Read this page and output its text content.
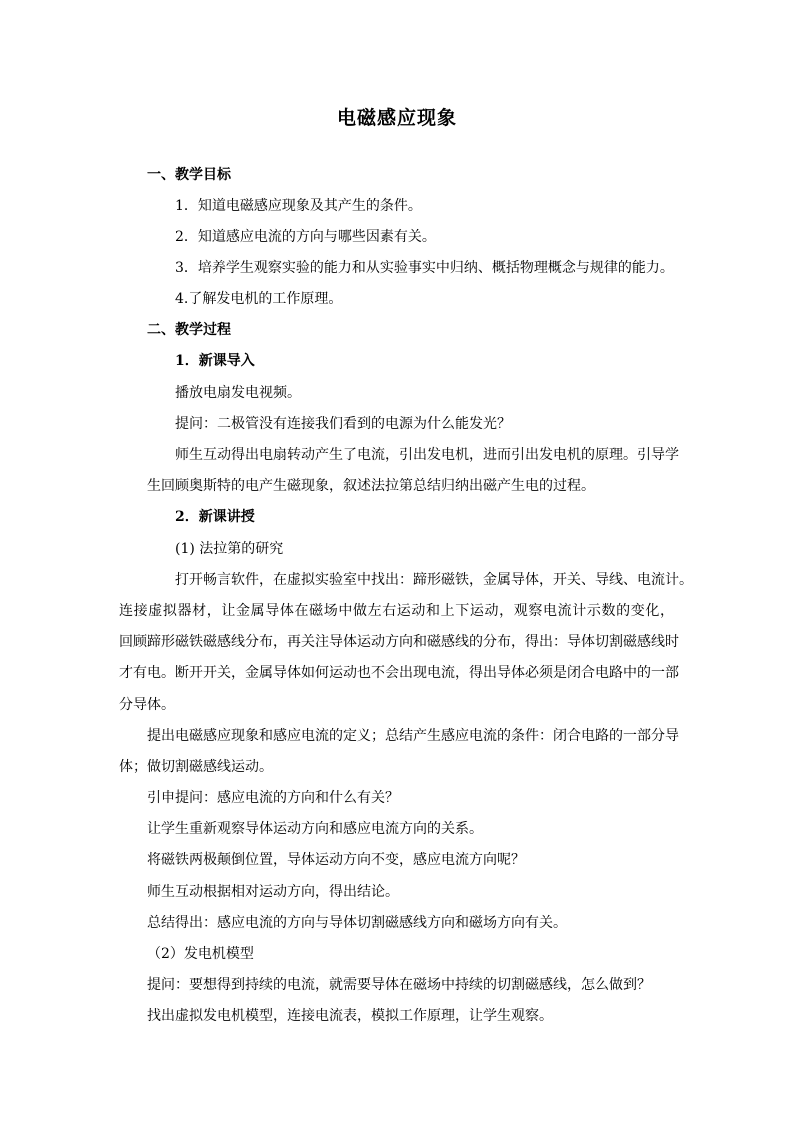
电磁感应现象
一、教学目标
1．知道电磁感应现象及其产生的条件。
2．知道感应电流的方向与哪些因素有关。
3．培养学生观察实验的能力和从实验事实中归纳、概括物理概念与规律的能力。
4.了解发电机的工作原理。
二、教学过程
1．新课导入
播放电扇发电视频。
提问：二极管没有连接我们看到的电源为什么能发光？
师生互动得出电扇转动产生了电流，引出发电机，进而引出发电机的原理。引导学
生回顾奥斯特的电产生磁现象，叙述法拉第总结归纳出磁产生电的过程。
2．新课讲授
(1) 法拉第的研究
打开畅言软件，在虚拟实验室中找出：蹄形磁铁，金属导体，开关、导线、电流计。
连接虚拟器材，让金属导体在磁场中做左右运动和上下运动，观察电流计示数的变化，
回顾蹄形磁铁磁感线分布，再关注导体运动方向和磁感线的分布，得出：导体切割磁感线时
才有电。断开开关，金属导体如何运动也不会出现电流，得出导体必须是闭合电路中的一部
分导体。
提出电磁感应现象和感应电流的定义；总结产生感应电流的条件：闭合电路的一部分导
体；做切割磁感线运动。
引申提问：感应电流的方向和什么有关？
让学生重新观察导体运动方向和感应电流方向的关系。
将磁铁两极颠倒位置，导体运动方向不变，感应电流方向呢？
师生互动根据相对运动方向，得出结论。
总结得出：感应电流的方向与导体切割磁感线方向和磁场方向有关。
（2）发电机模型
提问：要想得到持续的电流，就需要导体在磁场中持续的切割磁感线，怎么做到？
找出虚拟发电机模型，连接电流表，模拟工作原理，让学生观察。
